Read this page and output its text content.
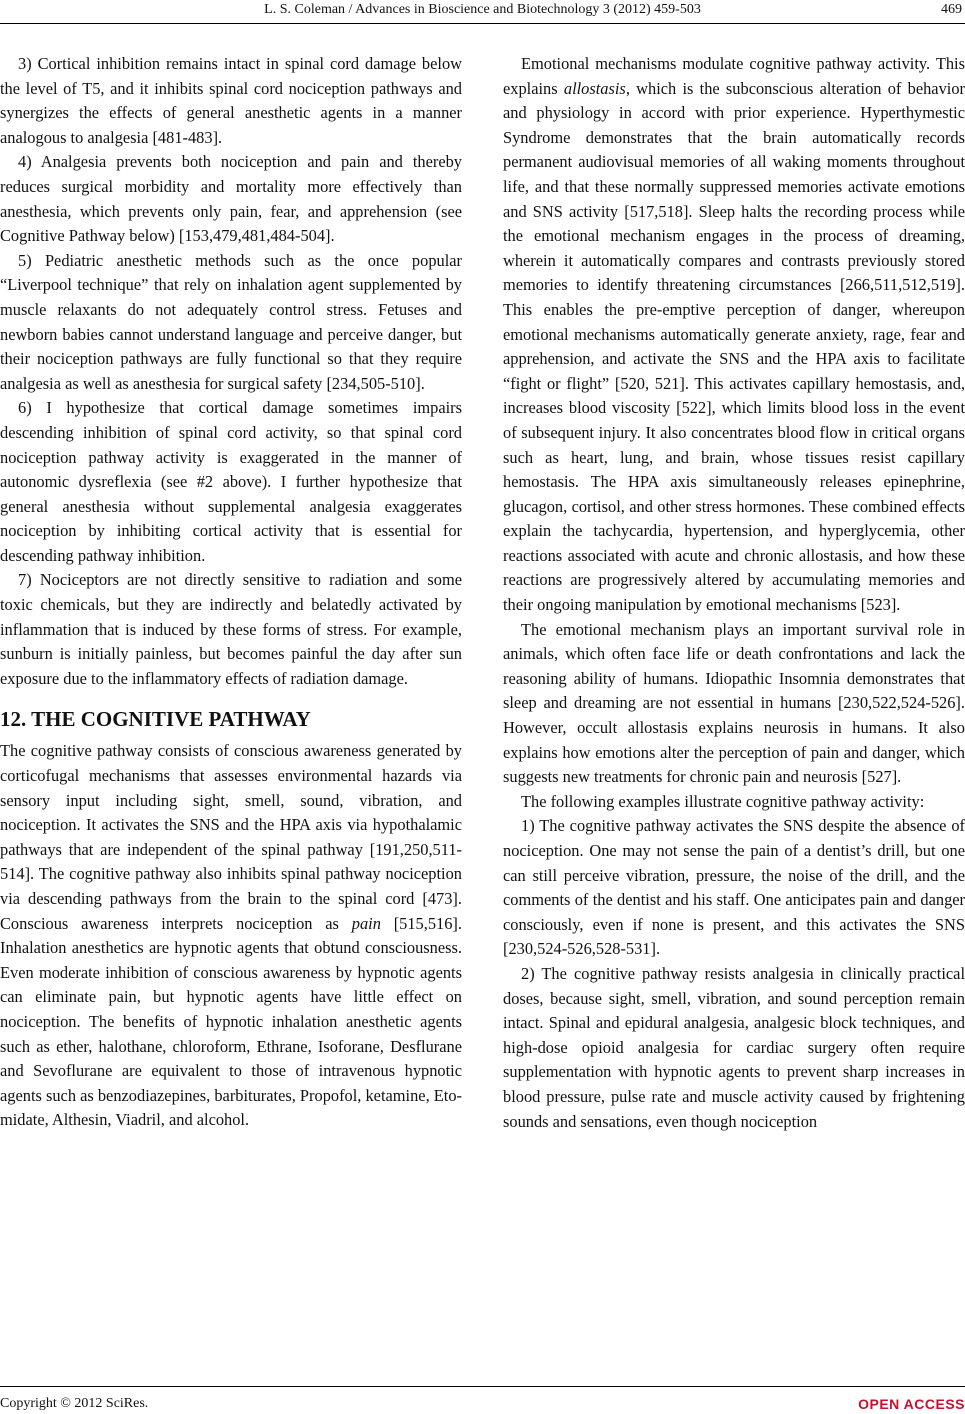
L. S. Coleman / Advances in Bioscience and Biotechnology 3 (2012) 459-503	469

3) Cortical inhibition remains intact in spinal cord damage below the level of T5, and it inhibits spinal cord nociception pathways and synergizes the effects of general anesthetic agents in a manner analogous to analgesia [481-483].

4) Analgesia prevents both nociception and pain and thereby reduces surgical morbidity and mortality more effectively than anesthesia, which prevents only pain, fear, and apprehension (see Cognitive Pathway below) [153,479,481,484-504].

5) Pediatric anesthetic methods such as the once popular “Liverpool technique” that rely on inhalation agent supplemented by muscle relaxants do not adequately control stress. Fetuses and newborn babies cannot understand language and perceive danger, but their nociception pathways are fully functional so that they require analgesia as well as anesthesia for surgical safety [234,505-510].

6) I hypothesize that cortical damage sometimes impairs descending inhibition of spinal cord activity, so that spinal cord nociception pathway activity is exaggerated in the manner of autonomic dysreflexia (see #2 above). I further hypothesize that general anesthesia without supplemental analgesia exaggerates nociception by inhibiting cortical activity that is essential for descending pathway inhibition.

7) Nociceptors are not directly sensitive to radiation and some toxic chemicals, but they are indirectly and belatedly activated by inflammation that is induced by these forms of stress. For example, sunburn is initially painless, but becomes painful the day after sun exposure due to the inflammatory effects of radiation damage.

12. THE COGNITIVE PATHWAY

The cognitive pathway consists of conscious awareness generated by corticofugal mechanisms that assesses environmental hazards via sensory input including sight, smell, sound, vibration, and nociception. It activates the SNS and the HPA axis via hypothalamic pathways that are independent of the spinal pathway [191,250,511-514]. The cognitive pathway also inhibits spinal pathway nociception via descending pathways from the brain to the spinal cord [473]. Conscious awareness interprets nociception as pain [515,516]. Inhalation anesthetics are hypnotic agents that obtund consciousness. Even moderate inhibition of conscious awareness by hypnotic agents can eliminate pain, but hypnotic agents have little effect on nociception. The benefits of hypnotic inhalation anesthetic agents such as ether, halothane, chloroform, Ethrane, Isoforane, Desflurane and Sevoflurane are equivalent to those of intravenous hypnotic agents such as benzodiazepines, barbiturates, Propofol, ketamine, Etomidate, Althesin, Viadril, and alcohol.

Emotional mechanisms modulate cognitive pathway activity. This explains allostasis, which is the subconscious alteration of behavior and physiology in accord with prior experience. Hyperthymestic Syndrome demonstrates that the brain automatically records permanent audiovisual memories of all waking moments throughout life, and that these normally suppressed memories activate emotions and SNS activity [517,518]. Sleep halts the recording process while the emotional mechanism engages in the process of dreaming, wherein it automatically compares and contrasts previously stored memories to identify threatening circumstances [266,511,512,519]. This enables the pre-emptive perception of danger, whereupon emotional mechanisms automatically generate anxiety, rage, fear and apprehension, and activate the SNS and the HPA axis to facilitate “fight or flight” [520, 521]. This activates capillary hemostasis, and, increases blood viscosity [522], which limits blood loss in the event of subsequent injury. It also concentrates blood flow in critical organs such as heart, lung, and brain, whose tissues resist capillary hemostasis. The HPA axis simultaneously releases epinephrine, glucagon, cortisol, and other stress hormones. These combined effects explain the tachycardia, hypertension, and hyperglycemia, other reactions associated with acute and chronic allostasis, and how these reactions are progressively altered by accumulating memories and their ongoing manipulation by emotional mechanisms [523].

The emotional mechanism plays an important survival role in animals, which often face life or death confrontations and lack the reasoning ability of humans. Idiopathic Insomnia demonstrates that sleep and dreaming are not essential in humans [230,522,524-526]. However, occult allostasis explains neurosis in humans. It also explains how emotions alter the perception of pain and danger, which suggests new treatments for chronic pain and neurosis [527].

The following examples illustrate cognitive pathway activity:

1) The cognitive pathway activates the SNS despite the absence of nociception. One may not sense the pain of a dentist’s drill, but one can still perceive vibration, pressure, the noise of the drill, and the comments of the dentist and his staff. One anticipates pain and danger consciously, even if none is present, and this activates the SNS [230,524-526,528-531].

2) The cognitive pathway resists analgesia in clinically practical doses, because sight, smell, vibration, and sound perception remain intact. Spinal and epidural analgesia, analgesic block techniques, and high-dose opioid analgesia for cardiac surgery often require supplementation with hypnotic agents to prevent sharp increases in blood pressure, pulse rate and muscle activity caused by frightening sounds and sensations, even though nociception

Copyright © 2012 SciRes.	OPEN ACCESS
